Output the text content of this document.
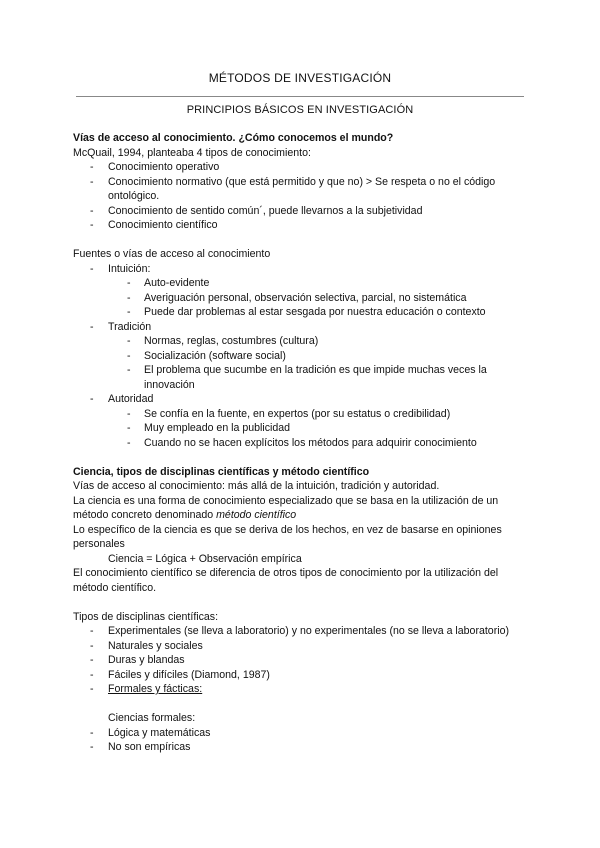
MÉTODOS DE INVESTIGACIÓN
PRINCIPIOS BÁSICOS EN INVESTIGACIÓN
Vías de acceso al conocimiento. ¿Cómo conocemos el mundo?
McQuail, 1994, planteaba 4 tipos de conocimiento:
- Conocimiento operativo
- Conocimiento normativo (que está permitido y que no) > Se respeta o no el código ontológico.
- Conocimiento de sentido común´, puede llevarnos a la subjetividad
- Conocimiento científico
Fuentes o vías de acceso al conocimiento
- Intuición:
- Auto-evidente
- Averiguación personal, observación selectiva, parcial, no sistemática
- Puede dar problemas al estar sesgada por nuestra educación o contexto
- Tradición
- Normas, reglas, costumbres (cultura)
- Socialización (software social)
- El problema que sucumbe en la tradición es que impide muchas veces la innovación
- Autoridad
- Se confía en la fuente, en expertos (por su estatus o credibilidad)
- Muy empleado en la publicidad
- Cuando no se hacen explícitos los métodos para adquirir conocimiento
Ciencia, tipos de disciplinas científicas y método científico
Vías de acceso al conocimiento: más allá de la intuición, tradición y autoridad.
La ciencia es una forma de conocimiento especializado que se basa en la utilización de un método concreto denominado método científico
Lo específico de la ciencia es que se deriva de los hechos, en vez de basarse en opiniones personales
Ciencia = Lógica + Observación empírica
El conocimiento científico se diferencia de otros tipos de conocimiento por la utilización del método científico.
Tipos de disciplinas científicas:
- Experimentales (se lleva a laboratorio) y no experimentales (no se lleva a laboratorio)
- Naturales y sociales
- Duras y blandas
- Fáciles y difíciles (Diamond, 1987)
- Formales y fácticas:
Ciencias formales:
- Lógica y matemáticas
- No son empíricas
